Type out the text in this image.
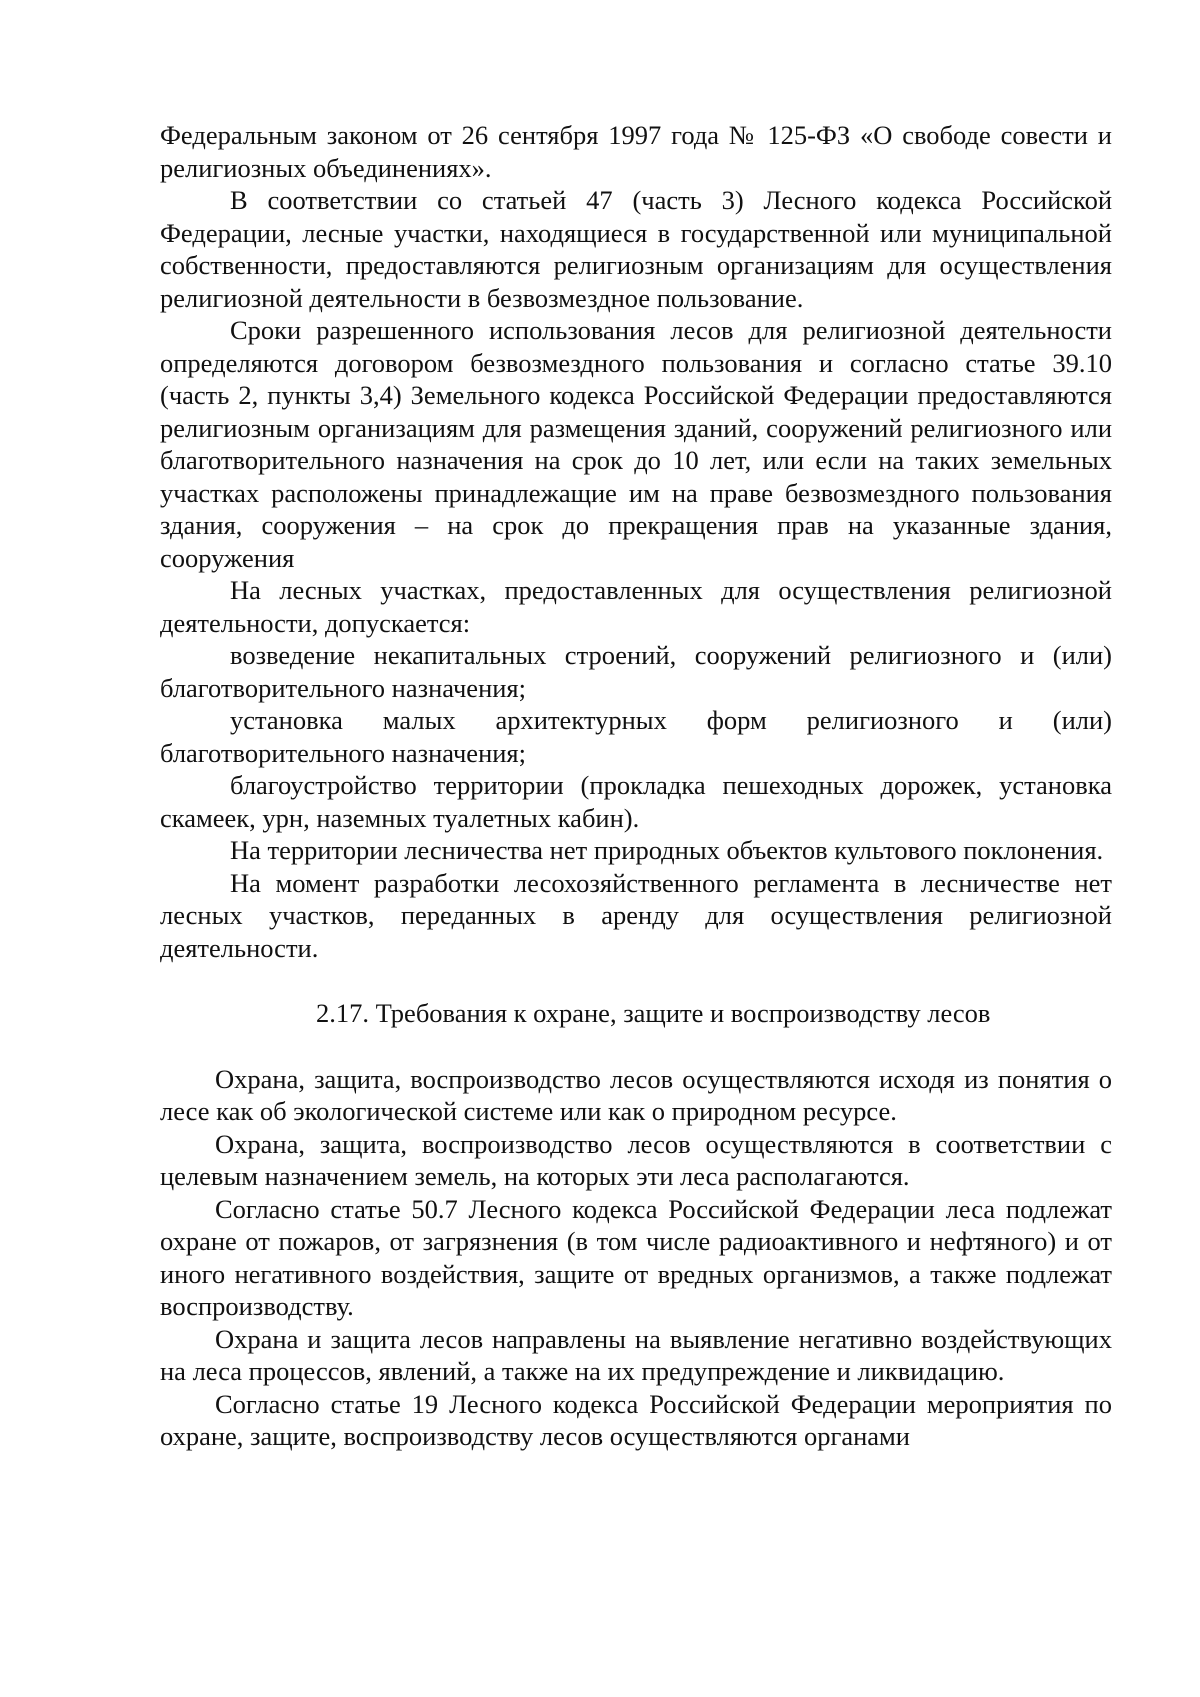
Федеральным законом от 26 сентября 1997 года № 125-ФЗ «О свободе совести и религиозных объединениях».

В соответствии со статьей 47 (часть 3) Лесного кодекса Российской Федерации, лесные участки, находящиеся в государственной или муниципальной собственности, предоставляются религиозным организациям для осуществления религиозной деятельности в безвозмездное пользование.

Сроки разрешенного использования лесов для религиозной деятельности определяются договором безвозмездного пользования и согласно статье 39.10 (часть 2, пункты 3,4) Земельного кодекса Российской Федерации предоставляются религиозным организациям для размещения зданий, сооружений религиозного или благотворительного назначения на срок до 10 лет, или если на таких земельных участках расположены принадлежащие им на праве безвозмездного пользования здания, сооружения – на срок до прекращения прав на указанные здания, сооружения

На лесных участках, предоставленных для осуществления религиозной деятельности, допускается:

возведение некапитальных строений, сооружений религиозного и (или) благотворительного назначения;

установка малых архитектурных форм религиозного и (или) благотворительного назначения;

благоустройство территории (прокладка пешеходных дорожек, установка скамеек, урн, наземных туалетных кабин).

На территории лесничества нет природных объектов культового поклонения.

На момент разработки лесохозяйственного регламента в лесничестве нет лесных участков, переданных в аренду для осуществления религиозной деятельности.

2.17. Требования к охране, защите и воспроизводству лесов

Охрана, защита, воспроизводство лесов осуществляются исходя из понятия о лесе как об экологической системе или как о природном ресурсе.

Охрана, защита, воспроизводство лесов осуществляются в соответствии с целевым назначением земель, на которых эти леса располагаются.

Согласно статье 50.7 Лесного кодекса Российской Федерации леса подлежат охране от пожаров, от загрязнения (в том числе радиоактивного и нефтяного) и от иного негативного воздействия, защите от вредных организмов, а также подлежат воспроизводству.

Охрана и защита лесов направлены на выявление негативно воздействующих на леса процессов, явлений, а также на их предупреждение и ликвидацию.

Согласно статье 19 Лесного кодекса Российской Федерации мероприятия по охране, защите, воспроизводству лесов осуществляются органами
